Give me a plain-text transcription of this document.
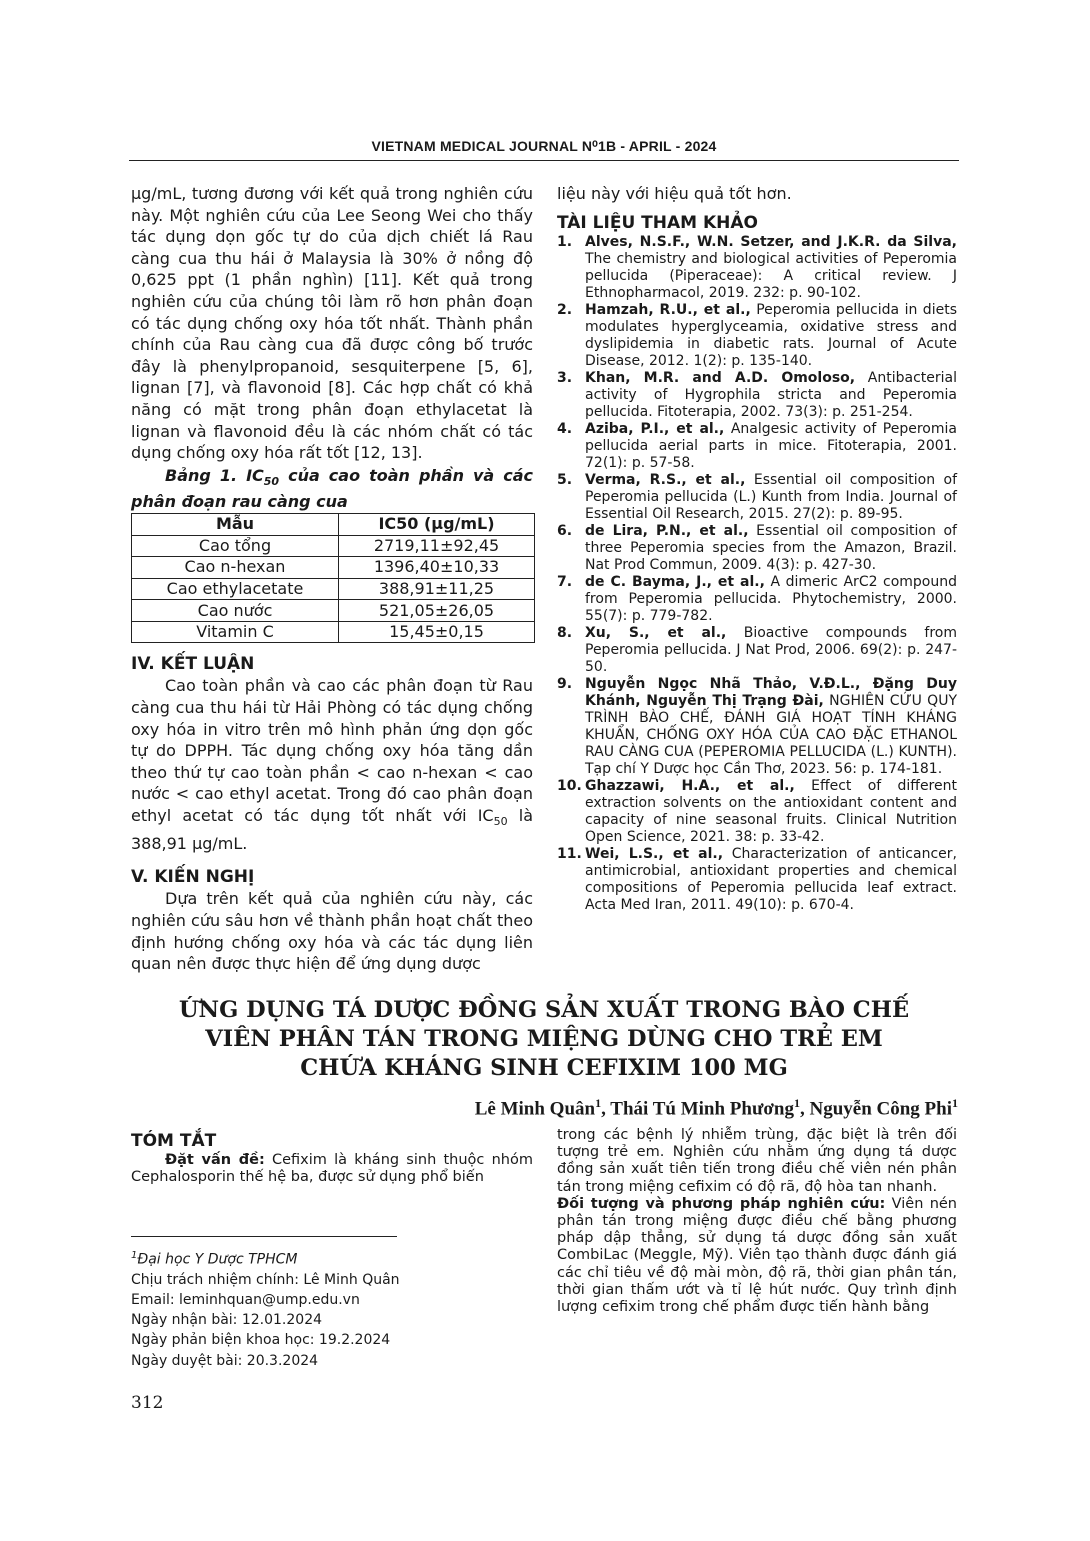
VIETNAM MEDICAL JOURNAL N⁰1B - APRIL - 2024

µg/mL, tương đương với kết quả trong nghiên cứu này. Một nghiên cứu của Lee Seong Wei cho thấy tác dụng dọn gốc tự do của dịch chiết lá Rau càng cua thu hái ở Malaysia là 30% ở nồng độ 0,625 ppt (1 phần nghìn) [11]. Kết quả trong nghiên cứu của chúng tôi làm rõ hơn phân đoạn có tác dụng chống oxy hóa tốt nhất. Thành phần chính của Rau càng cua đã được công bố trước đây là phenylpropanoid, sesquiterpene [5, 6], lignan [7], và flavonoid [8]. Các hợp chất có khả năng có mặt trong phân đoạn ethylacetat là lignan và flavonoid đều là các nhóm chất có tác dụng chống oxy hóa rất tốt [12, 13].

Bảng 1. $IC_{50}$ của cao toàn phần và các phân đoạn rau càng cua
Mẫu	IC50 (µg/mL)
Cao tổng	2719,11±92,45
Cao n-hexan	1396,40±10,33
Cao ethylacetate	388,91±11,25
Cao nước	521,05±26,05
Vitamin C	15,45±0,15
IV. KẾT LUẬN

Cao toàn phần và cao các phân đoạn từ Rau càng cua thu hái từ Hải Phòng có tác dụng chống oxy hóa in vitro trên mô hình phản ứng dọn gốc tự do DPPH. Tác dụng chống oxy hóa tăng dần theo thứ tự cao toàn phần < cao n-hexan < cao nước < cao ethyl acetat. Trong đó cao phân đoạn ethyl acetat có tác dụng tốt nhất với $IC_{50}$ là 388,91 µg/mL.

V. KIẾN NGHỊ

Dựa trên kết quả của nghiên cứu này, các nghiên cứu sâu hơn về thành phần hoạt chất theo định hướng chống oxy hóa và các tác dụng liên quan nên được thực hiện để ứng dụng dược

liệu này với hiệu quả tốt hơn.

TÀI LIỆU THAM KHẢO

1. Alves, N.S.F., W.N. Setzer, and J.K.R. da Silva, The chemistry and biological activities of Peperomia pellucida (Piperaceae): A critical review. J Ethnopharmacol, 2019. 232: p. 90-102.

2. Hamzah, R.U., et al., Peperomia pellucida in diets modulates hyperglyceamia, oxidative stress and dyslipidemia in diabetic rats. Journal of Acute Disease, 2012. 1(2): p. 135-140.

3. Khan, M.R. and A.D. Omoloso, Antibacterial activity of Hygrophila stricta and Peperomia pellucida. Fitoterapia, 2002. 73(3): p. 251-254.

4. Aziba, P.I., et al., Analgesic activity of Peperomia pellucida aerial parts in mice. Fitoterapia, 2001. 72(1): p. 57-58.

5. Verma, R.S., et al., Essential oil composition of Peperomia pellucida (L.) Kunth from India. Journal of Essential Oil Research, 2015. 27(2): p. 89-95.

6. de Lira, P.N., et al., Essential oil composition of three Peperomia species from the Amazon, Brazil. Nat Prod Commun, 2009. 4(3): p. 427-30.

7. de C. Bayma, J., et al., A dimeric ArC2 compound from Peperomia pellucida. Phytochemistry, 2000. 55(7): p. 779-782.

8. Xu, S., et al., Bioactive compounds from Peperomia pellucida. J Nat Prod, 2006. 69(2): p. 247-50.

9. Nguyễn Ngọc Nhã Thảo, V.Đ.L., Đặng Duy Khánh, Nguyễn Thị Trạng Đài, NGHIÊN CỨU QUY TRÌNH BÀO CHẾ, ĐÁNH GIÁ HOẠT TÍNH KHÁNG KHUẨN, CHỐNG OXY HÓA CỦA CAO ĐẶC ETHANOL RAU CÀNG CUA (PEPEROMIA PELLUCIDA (L.) KUNTH). Tạp chí Y Dược học Cần Thơ, 2023. 56: p. 174-181.

10. Ghazzawi, H.A., et al., Effect of different extraction solvents on the antioxidant content and capacity of nine seasonal fruits. Clinical Nutrition Open Science, 2021. 38: p. 33-42.

11. Wei, L.S., et al., Characterization of anticancer, antimicrobial, antioxidant properties and chemical compositions of Peperomia pellucida leaf extract. Acta Med Iran, 2011. 49(10): p. 670-4.

ỨNG DỤNG TÁ DƯỢC ĐỒNG SẢN XUẤT TRONG BÀO CHẾ
VIÊN PHÂN TÁN TRONG MIỆNG DÙNG CHO TRẺ EM
CHỨA KHÁNG SINH CEFIXIM 100 MG
Lê Minh Quân$^1$, Thái Tú Minh Phương$^1$, Nguyễn Công Phi$^1$
TÓM TẮT

Đặt vấn đề: Cefixim là kháng sinh thuộc nhóm Cephalosporin thế hệ ba, được sử dụng phổ biến

trong các bệnh lý nhiễm trùng, đặc biệt là trên đối tượng trẻ em. Nghiên cứu nhằm ứng dụng tá dược đồng sản xuất tiên tiến trong điều chế viên nén phân tán trong miệng cefixim có độ rã, độ hòa tan nhanh.

Đối tượng và phương pháp nghiên cứu: Viên nén phân tán trong miệng được điều chế bằng phương pháp dập thẳng, sử dụng tá dược đồng sản xuất CombiLac (Meggle, Mỹ). Viên tạo thành được đánh giá các chỉ tiêu về độ mài mòn, độ rã, thời gian phân tán, thời gian thấm ướt và tỉ lệ hút nước. Quy trình định lượng cefixim trong chế phẩm được tiến hành bằng

$^1$Đại học Y Dược TPHCM

Chịu trách nhiệm chính: Lê Minh Quân

Email: leminhquan@ump.edu.vn

Ngày nhận bài: 12.01.2024

Ngày phản biện khoa học: 19.2.2024

Ngày duyệt bài: 20.3.2024

312
